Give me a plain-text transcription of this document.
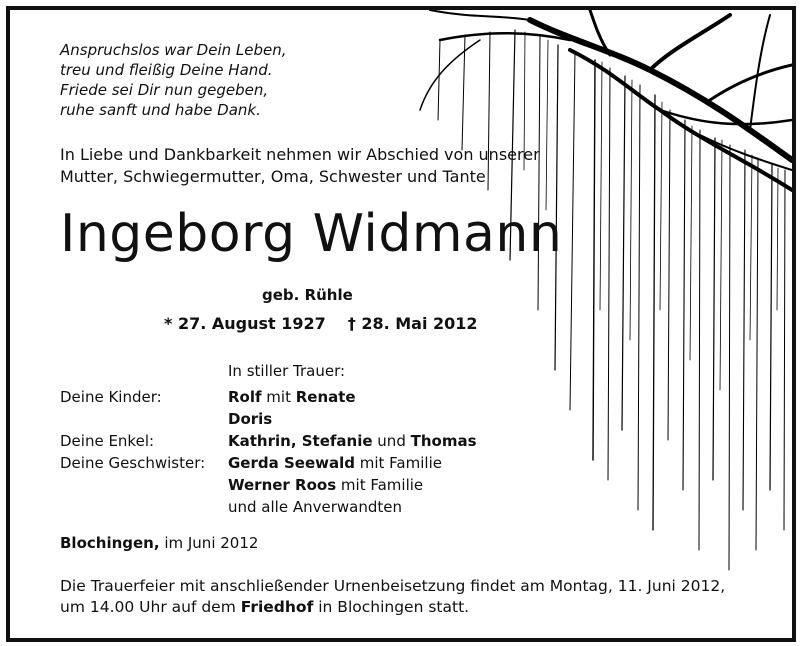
Anspruchslos war Dein Leben,
treu und fleißig Deine Hand.
Friede sei Dir nun gegeben,
ruhe sanft und habe Dank.
In Liebe und Dankbarkeit nehmen wir Abschied von unserer
Mutter, Schwiegermutter, Oma, Schwester und Tante
Ingeborg Widmann
geb. Rühle
* 27. August 1927 † 28. Mai 2012
In stiller Trauer:
Deine Kinder:	Rolf mit Renate
Doris
Deine Enkel:	Kathrin, Stefanie und Thomas
Deine Geschwister: Gerda Seewald mit Familie
Werner Roos mit Familie
und alle Anverwandten
Blochingen, im Juni 2012
Die Trauerfeier mit anschließender Urnenbeisetzung findet am Montag, 11. Juni 2012,
um 14.00 Uhr auf dem Friedhof in Blochingen statt.
